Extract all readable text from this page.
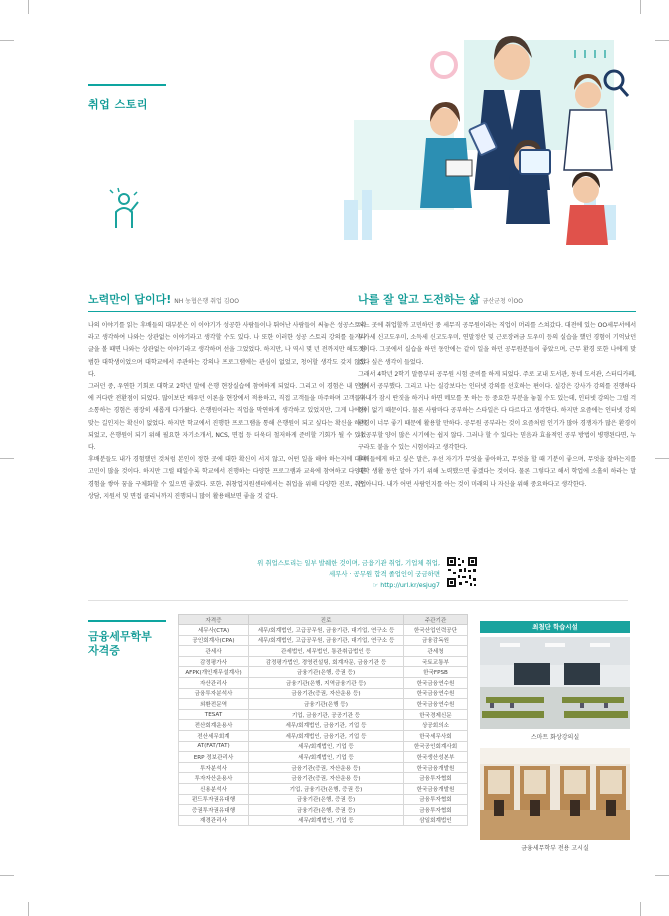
취업 스토리
노력만이 답이다! NH 농협은행 취업 김OO

나의 이야기를 읽는 후배들의 대부분은 이 이야기가 성공한 사람들이나 뛰어난 사람들이 써놓은 성공스토리라고 생각하여 나와는 상관없는 이야기라고 생각할 수도 있다. 나 또한 이러한 성공 스토리 강의를 들거나 글을 볼 때면 나와는 상관없는 이야기라고 생각하며 선을 그었었다. 하지만, 나 역시 몇 년 전까지만 해도 평범한 대학생이었으며 대학교에서 주관하는 강의나 프로그램에는 관심이 없었고, 청어할 생각도 갖지 않았다.

그러던 중, 우연한 기회로 대학교 2학년 말에 은행 현장실습에 참여하게 되었다. 그리고 이 경험은 내 인생에 커다란 전환점이 되었다. 많이보단 배우던 이론을 현장에서 적용하고, 직접 고객들을 마주하며 고객들과 소통하는 경험은 굉장히 새롭게 다가왔다. 은행원이라는 직업을 막연하게 생각하고 있었지만, 그게 나에게 맞는 길인지는 확신이 없었다. 하지만 학교에서 진행한 프로그램을 통해 은행원이 되고 싶다는 확신을 하게 되었고, 은행원이 되기 위해 필요한 자기소개서, NCS, 면접 등 더욱더 철저하게 준비할 기회가 될 수 있었다.

후배분들도 내가 경험했던 것처럼 본인이 정한 곳에 대한 확신이 서지 않고, 어떤 일을 해야 하는지에 대해 고민이 많을 것이다. 하지만 그럴 때일수록 학교에서 진행하는 다양한 프로그램과 교육에 참여하고 다양한 경험을 쌓아 꿈을 구체화할 수 있으면 좋겠다. 또한, 취창업지원센터에서는 취업을 위해 다양한 진로, 취업상담, 지원서 및 면접 클리닉까지 진행되니 많이 활용해보면 좋을 것 같다.

나를 잘 알고 도전하는 삶 금산군청 이OO

어느 곳에 취업할까 고민하던 중 세무직 공무원이라는 직업이 머리를 스쳐갔다. 대전에 있는 OO세무서에서 부가세 신고도우미, 소득세 신고도우미, 연말정산 및 근로장려금 도우미 등의 실습을 했던 경험이 기억났던 것이다. 그곳에서 실습을 하던 동안에는 같이 일을 하던 공무원분들이 좋았으며, 근무 환경 또한 나에게 맞겠다 싶은 생각이 들었다.

그래서 4학년 2학기 말쯤부터 공무원 시험 준비를 하게 되었다. 주로 교내 도서관, 동네 도서관, 스터디카페, 집에서 공부했다. 그리고 나는 실강보다는 인터넷 강의를 선호하는 편이다. 실강은 강사가 강의를 진행하다가 내가 잠시 딴짓을 하거나 하면 메모를 못 하는 등 중요한 부분을 놓칠 수도 있는데, 인터넷 강의는 그럴 걱정이 없기 때문이다. 물론 사람마다 공부하는 스타일은 다 다르다고 생각한다. 하지만 요즘에는 인터넷 강의 환경이 너무 좋기 때문에 활용할 만하다. 공무원 공부라는 것이 요즘처럼 인기가 많아 경쟁자가 많은 환경이나 공부할 양이 많은 시기에는 쉽지 않다. 그러나 할 수 있다는 믿음과 효율적인 공부 방법이 병행된다면, 누구라도 붙을 수 있는 시험이라고 생각한다.

후배들에게 하고 싶은 말은, 우선 자기가 무엇을 좋아하고, 무엇을 할 때 기분이 좋으며, 무엇을 잘하는지를 대학 생활 동안 알아 가기 위해 노력했으면 좋겠다는 것이다. 물론 그렇다고 해서 학업에 소홀히 하라는 말은 아니다. 내가 어떤 사람인지를 아는 것이 미래의 나 자신을 위해 중요하다고 생각한다.

위 취업스토리는 일부 발췌한 것이며, 금융기관 취업, 기업체 취업,
세무사 · 공무원 합격 졸업인이 궁금하면
☞ http://url.kr/esjug7
금융세무학부
자격증
자격증	진로	주관기관
세무사(CTA)	세무/회계법인, 고급공무원, 금융기관, 대기업, 연구소 등	한국산업인력공단
공인회계사(CPA)	세무/회계법인, 고급공무원, 금융기관, 대기업, 연구소 등	금융감독원
관세사	관세법인, 세무법인, 통관취급법인 등	관세청
감정평가사	감정평가법인, 경영컨설팅, 회계자문, 금융기관 등	국토교통부
AFPK(개인재무설계사)	금융기관(은행, 증권 등)	한국FPSB
자산관리사	금융기관(은행, 지역금융기관 등)	한국금융연수원
금융투자분석사	금융기관(증권, 자산운용 등)	한국금융연수원
외환전문역	금융기관(은행 등)	한국금융연수원
TESAT	기업, 금융기관, 공공기관 등	한국경제신문
전산회계운용사	세무/회계법인, 금융기관, 기업 등	상공회의소
전산세무회계	세무/회계법인, 금융기관, 기업 등	한국세무사회
AT(FAT/TAT)	세무/회계법인, 기업 등	한국공인회계사회
ERP 정보관리사	세무/회계법인, 기업 등	한국생산성본부
투자분석사	금융기관(증권, 자산운용 등)	한국금융개발원
투자자산운용사	금융기관(증권, 자산운용 등)	금융투자협회
신용분석사	기업, 금융기관(은행, 증권 등)	한국금융개발원
펀드투자권유대행	금융기관(은행, 증권 등)	금융투자협회
증권투자권유대행	금융기관(은행, 증권 등)	금융투자협회
재경관리사	세무/회계법인, 기업 등	삼일회계법인
최첨단 학습시설
스마트 화상강의실
금융세무학부 전용 고시실
